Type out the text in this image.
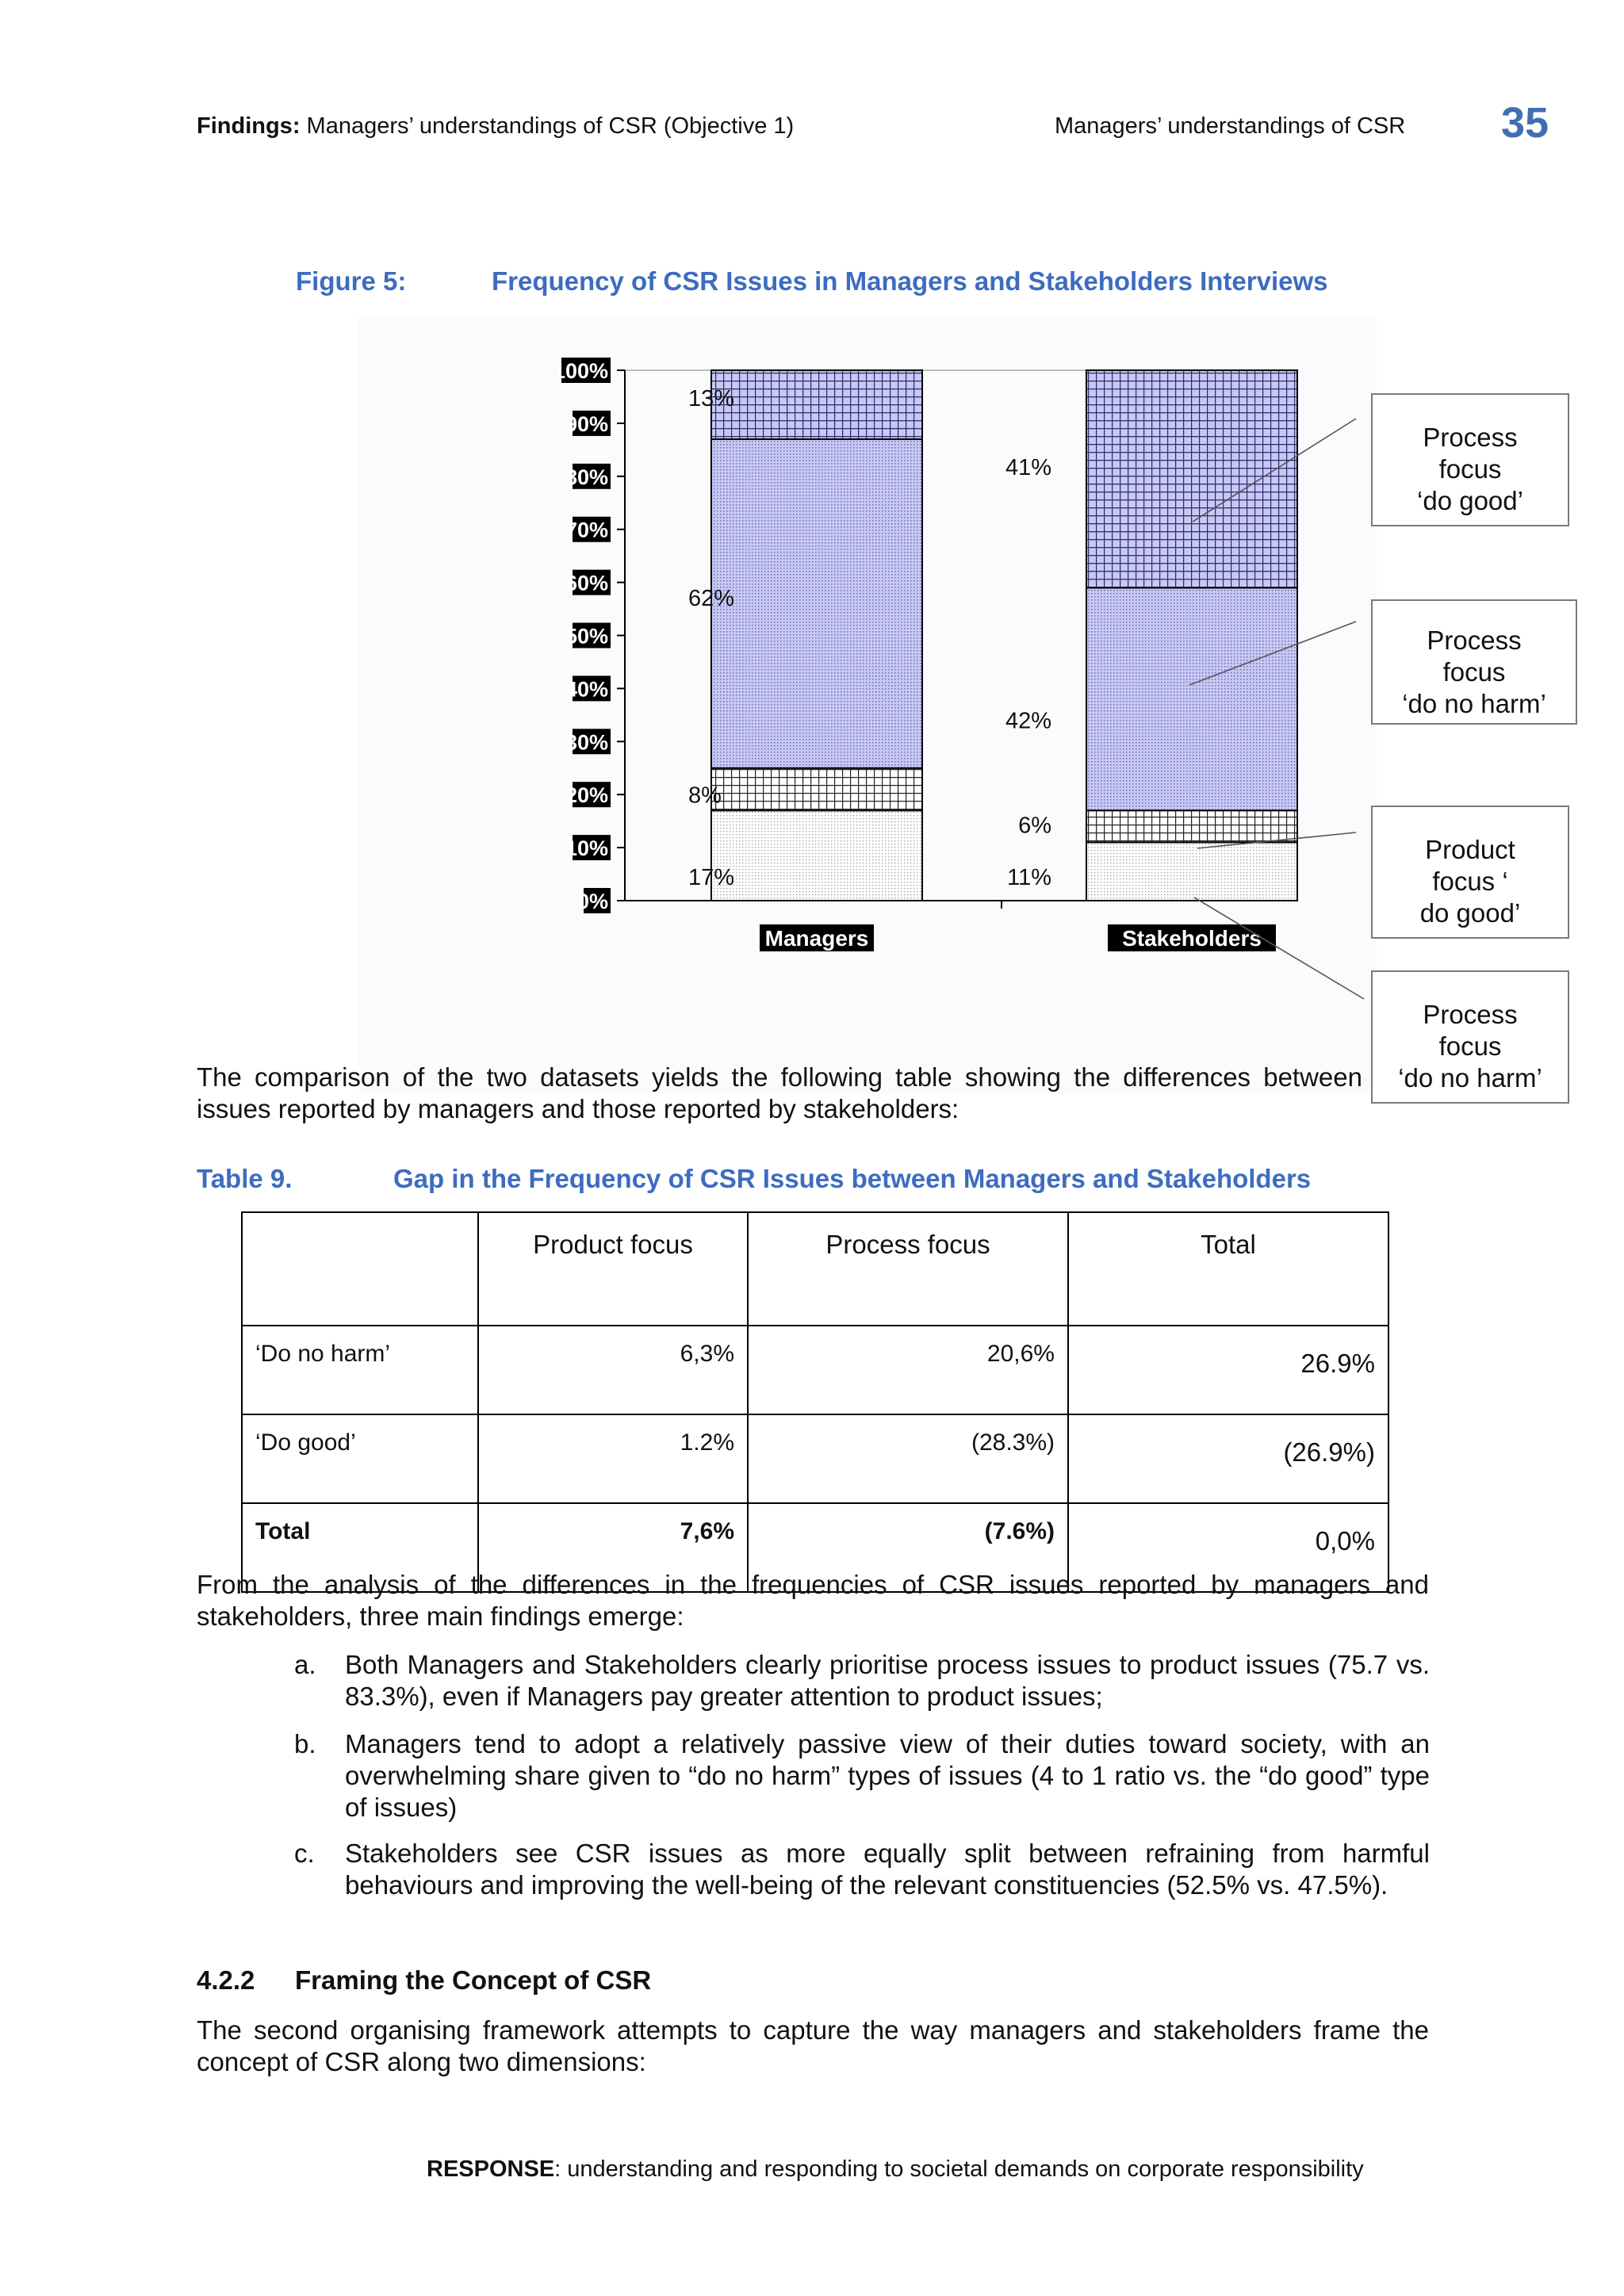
Findings: Managers’ understandings of CSR (Objective 1)	Managers’ understandings of CSR 35
Figure 5:	Frequency of CSR Issues in Managers and Stakeholders Interviews
0%
10%
20%
30%
40%
50%
60%
70%
80%
90%
100%
17%
8%
62%
13%
Managers
11%
6%
42%
41%
Stakeholders
Process
focus
‘do good’
Process
focus
‘do no harm’
Product
focus ‘
do good’
Process
focus
‘do no harm’
The comparison of the two datasets yields the following table showing the differences between issues reported by managers and those reported by stakeholders:
Table 9.	Gap in the Frequency of CSR Issues between Managers and Stakeholders
	Product focus	Process focus	Total
‘Do no harm’	6,3%	20,6%	26.9%
‘Do good’	1.2%	(28.3%)	(26.9%)
Total	7,6%	(7.6%)	0,0%
From the analysis of the differences in the frequencies of CSR issues reported by managers and stakeholders, three main findings emerge:
a. Both Managers and Stakeholders clearly prioritise process issues to product issues (75.7 vs. 83.3%), even if Managers pay greater attention to product issues;
b. Managers tend to adopt a relatively passive view of their duties toward society, with an overwhelming share given to “do no harm” types of issues (4 to 1 ratio vs. the “do good” type of issues)
c. Stakeholders see CSR issues as more equally split between refraining from harmful behaviours and improving the well-being of the relevant constituencies (52.5% vs. 47.5%).
4.2.2 Framing the Concept of CSR
The second organising framework attempts to capture the way managers and stakeholders frame the concept of CSR along two dimensions:
RESPONSE: understanding and responding to societal demands on corporate responsibility
